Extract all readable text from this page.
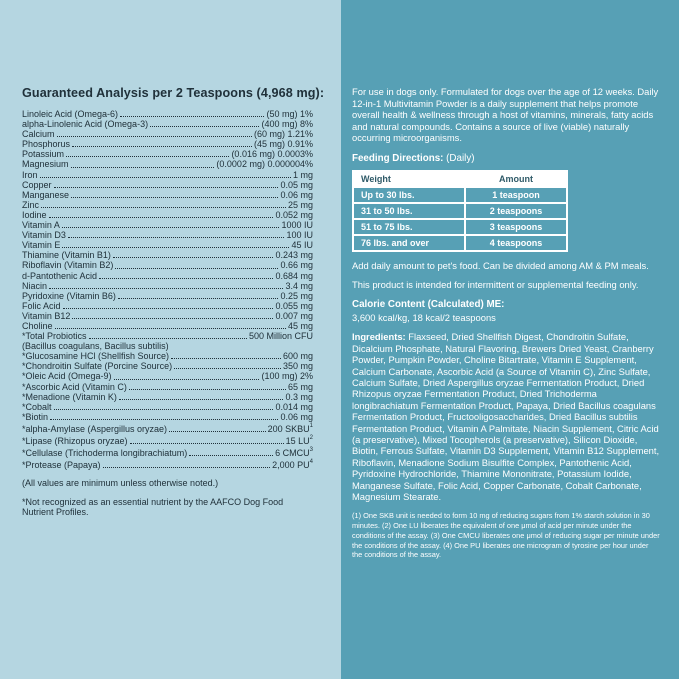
Guaranteed Analysis per 2 Teaspoons (4,968 mg):
Linoleic Acid (Omega-6)	(50 mg) 1%
alpha-Linolenic Acid (Omega-3)	(400 mg) 8%
Calcium	(60 mg) 1.21%
Phosphorus	(45 mg) 0.91%
Potassium	(0.016 mg) 0.0003%
Magnesium	(0.0002 mg) 0.000004%
Iron	1 mg
Copper	0.05 mg
Manganese	0.06 mg
Zinc	25 mg
Iodine	0.052 mg
Vitamin A	1000 IU
Vitamin D3	100 IU
Vitamin E	45 IU
Thiamine (Vitamin B1)	0.243 mg
Riboflavin (Vitamin B2)	0.66 mg
d-Pantothenic Acid	0.684 mg
Niacin	3.4 mg
Pyridoxine (Vitamin B6)	0.25 mg
Folic Acid	0.055 mg
Vitamin B12	0.007 mg
Choline	45 mg
*Total Probiotics	500 Million CFU
(Bacillus coagulans, Bacillus subtilis)
*Glucosamine HCl (Shellfish Source)	600 mg
*Chondroitin Sulfate (Porcine Source)	350 mg
*Oleic Acid (Omega-9)	(100 mg) 2%
*Ascorbic Acid (Vitamin C)	65 mg
*Menadione (Vitamin K)	0.3 mg
*Cobalt	0.014 mg
*Biotin	0.06 mg
*alpha-Amylase (Aspergillus oryzae)	200 SKBU$^1$
*Lipase (Rhizopus oryzae)	15 $LU^2$
*Cellulase (Trichoderma longibrachiatum)	6 CMCU$^3$
*Protease (Papaya)	2,000 $PU^4$

(All values are minimum unless otherwise noted.)

*Not recognized as an essential nutrient by the AAFCO Dog Food Nutrient Profiles.

For use in dogs only. Formulated for dogs over the age of 12 weeks. Daily 12-in-1 Multivitamin Powder is a daily supplement that helps promote overall health & wellness through a host of vitamins, minerals, fatty acids and natural compounds. Contains a source of live (viable) naturally occurring microorganisms.

Feeding Directions: (Daily)

Weight	Amount
Up to 30 lbs.	1 teaspoon
31 to 50 lbs.	2 teaspoons
51 to 75 lbs.	3 teaspoons
76 lbs. and over	4 teaspoons

Add daily amount to pet's food. Can be divided among AM & PM meals.

This product is intended for intermittent or supplemental feeding only.

Calorie Content (Calculated) ME:

3,600 kcal/kg, 18 kcal/2 teaspoons

Ingredients: Flaxseed, Dried Shellfish Digest, Chondroitin Sulfate, Dicalcium Phosphate, Natural Flavoring, Brewers Dried Yeast, Cranberry Powder, Pumpkin Powder, Choline Bitartrate, Vitamin E Supplement, Calcium Carbonate, Ascorbic Acid (a Source of Vitamin C), Zinc Sulfate, Calcium Sulfate, Dried Aspergillus oryzae Fermentation Product, Dried Rhizopus oryzae Fermentation Product, Dried Trichoderma longibrachiatum Fermentation Product, Papaya, Dried Bacillus coagulans Fermentation Product, Fructooligosaccharides, Dried Bacillus subtilis Fermentation Product, Vitamin A Palmitate, Niacin Supplement, Citric Acid (a preservative), Mixed Tocopherols (a preservative), Silicon Dioxide, Biotin, Ferrous Sulfate, Vitamin D3 Supplement, Vitamin B12 Supplement, Riboflavin, Menadione Sodium Bisulfite Complex, Pantothenic Acid, Pyridoxine Hydrochloride, Thiamine Mononitrate, Potassium Iodide, Manganese Sulfate, Folic Acid, Copper Carbonate, Cobalt Carbonate, Magnesium Stearate.

(1) One SKB unit is needed to form 10 mg of reducing sugars from 1% starch solution in 30 minutes. (2) One LU liberates the equivalent of one μmol of acid per minute under the conditions of the assay. (3) One CMCU liberates one μmol of reducing sugar per minute under the conditions of the assay. (4) One PU liberates one microgram of tyrosine per hour under the conditions of the assay.
